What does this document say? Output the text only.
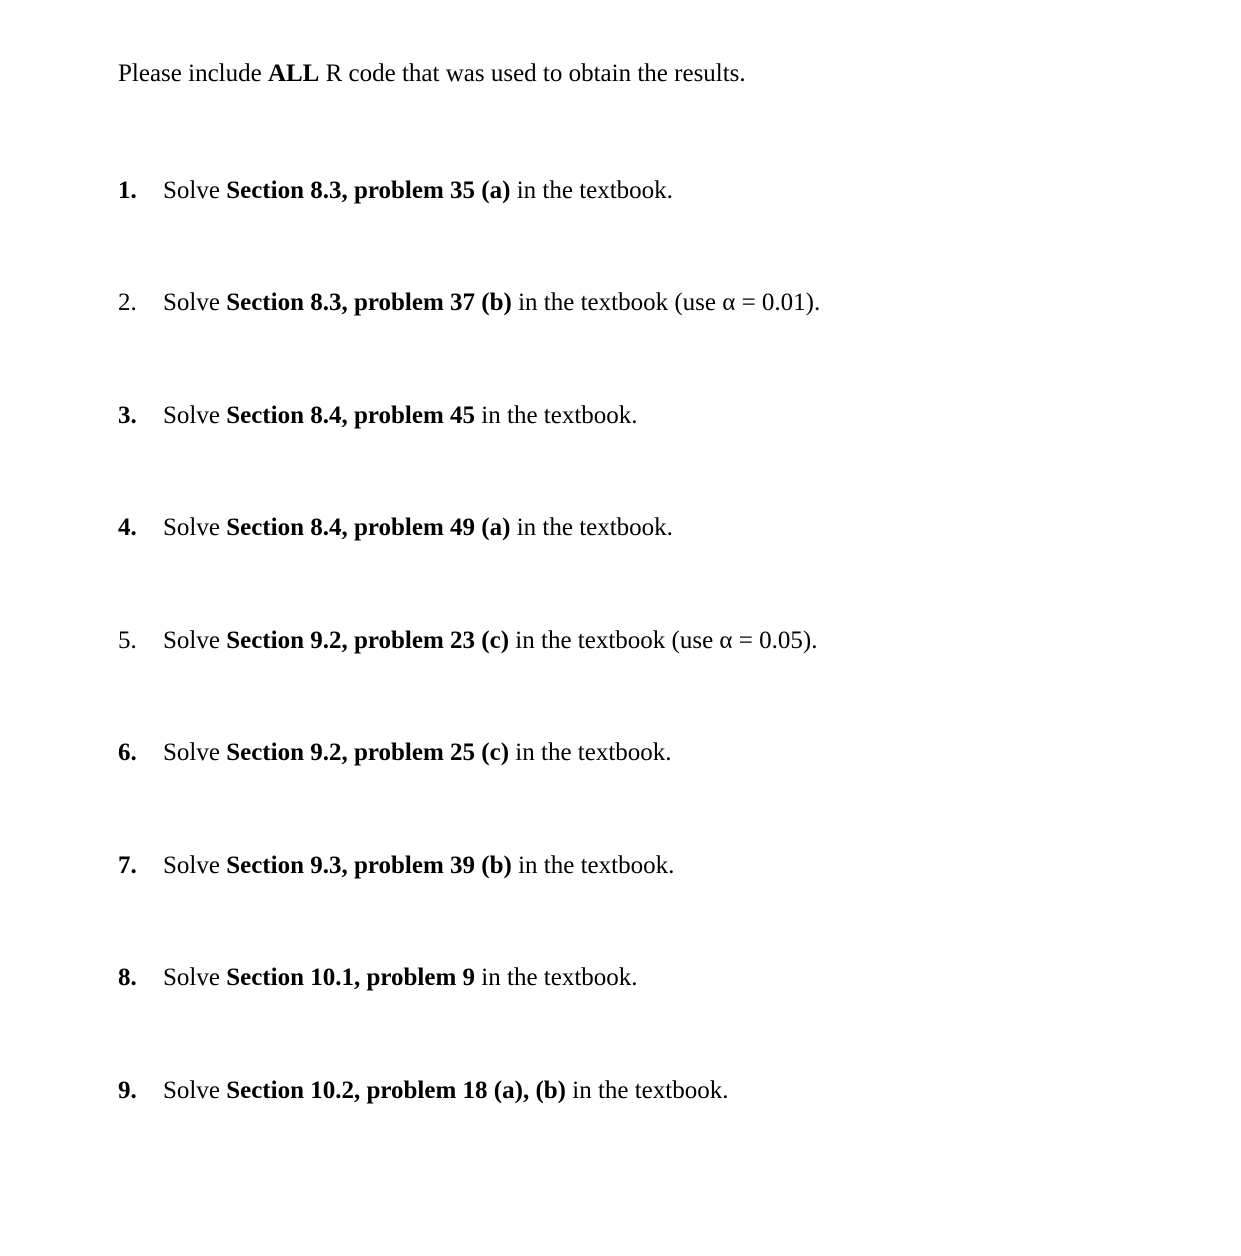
Please include ALL R code that was used to obtain the results.
1. Solve Section 8.3, problem 35 (a) in the textbook.
2. Solve Section 8.3, problem 37 (b) in the textbook (use α = 0.01).
3. Solve Section 8.4, problem 45 in the textbook.
4. Solve Section 8.4, problem 49 (a) in the textbook.
5. Solve Section 9.2, problem 23 (c) in the textbook (use α = 0.05).
6. Solve Section 9.2, problem 25 (c) in the textbook.
7. Solve Section 9.3, problem 39 (b) in the textbook.
8. Solve Section 10.1, problem 9 in the textbook.
9. Solve Section 10.2, problem 18 (a), (b) in the textbook.
